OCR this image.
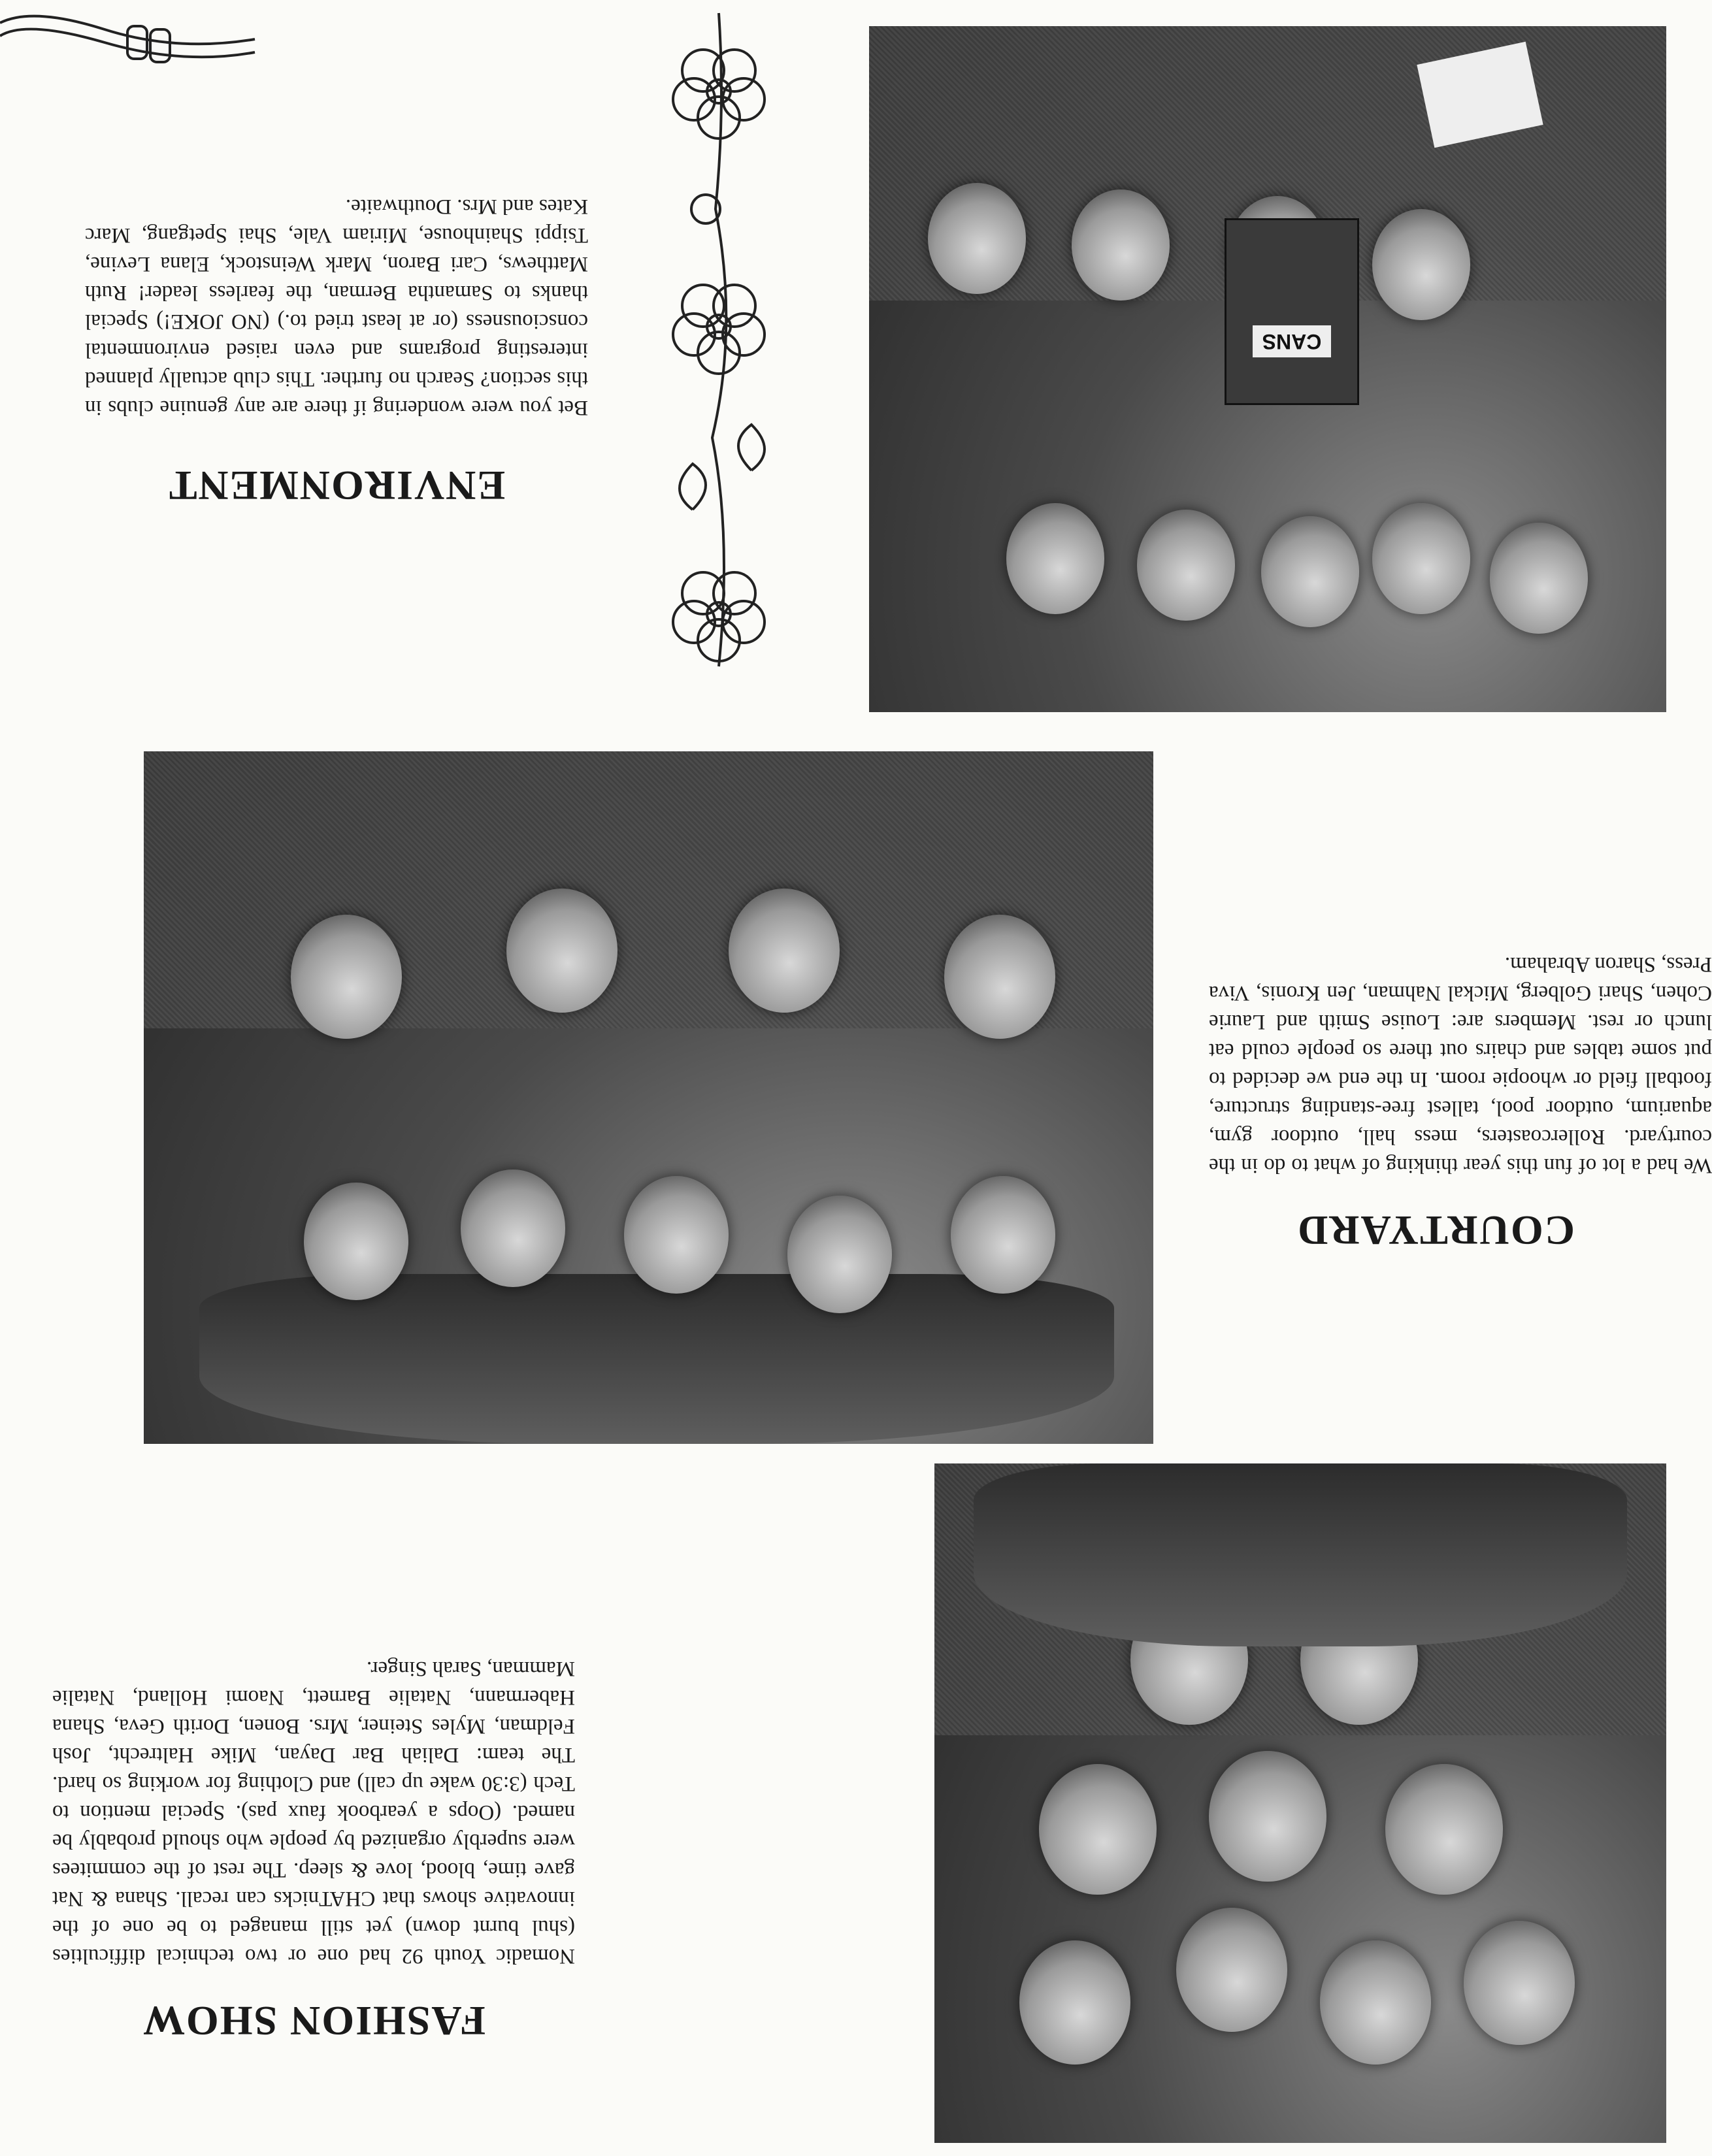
FASHION SHOW

Nomadic Youth 92 had one or two technical difficulties (shul burnt down) yet still managed to be one of the innovative shows that CHATnicks can recall. Shana & Nat gave time, blood, love & sleep. The rest of the commitees were superbly organized by people who should probably be named. (Oops a yearbook faux pas). Special mention to Tech (3:30 wake up call) and Clothing for working so hard. The team: Daliah Bar Dayan, Mike Haltrecht, Josh Feldman, Myles Steiner, Mrs. Bonen, Dorith Geva, Shana Habermann, Natalie Barnett, Naomi Holland, Natalie Mamman, Sarah Singer.

COURTYARD

We had a lot of fun this year thinking of what to do in the courtyard. Rollercoasters, mess hall, outdoor gym, aquarium, outdoor pool, tallest free-standing structure, football field or whoopie room. In the end we decided to put some tables and chairs out there so people could eat lunch or rest. Members are: Louise Smith and Laurie Cohen, Shari Golberg, Mickal Nahman, Jen Kronis, Viva Press, Sharon Abraham.

CANS
ENVIRONMENT

Bet you were wondering if there are any genuine clubs in this section? Search no further. This club actually planned interesting programs and even raised environmental consciousness (or at least tried to.) (NO JOKE!) Special thanks to Samantha Berman, the fearless leader! Ruth Matthews, Cari Baron, Mark Weinstock, Elana Levine, Tsippi Shainhouse, Miriam Vale, Shai Spetgang, Marc Kates and Mrs. Douthwaite.
